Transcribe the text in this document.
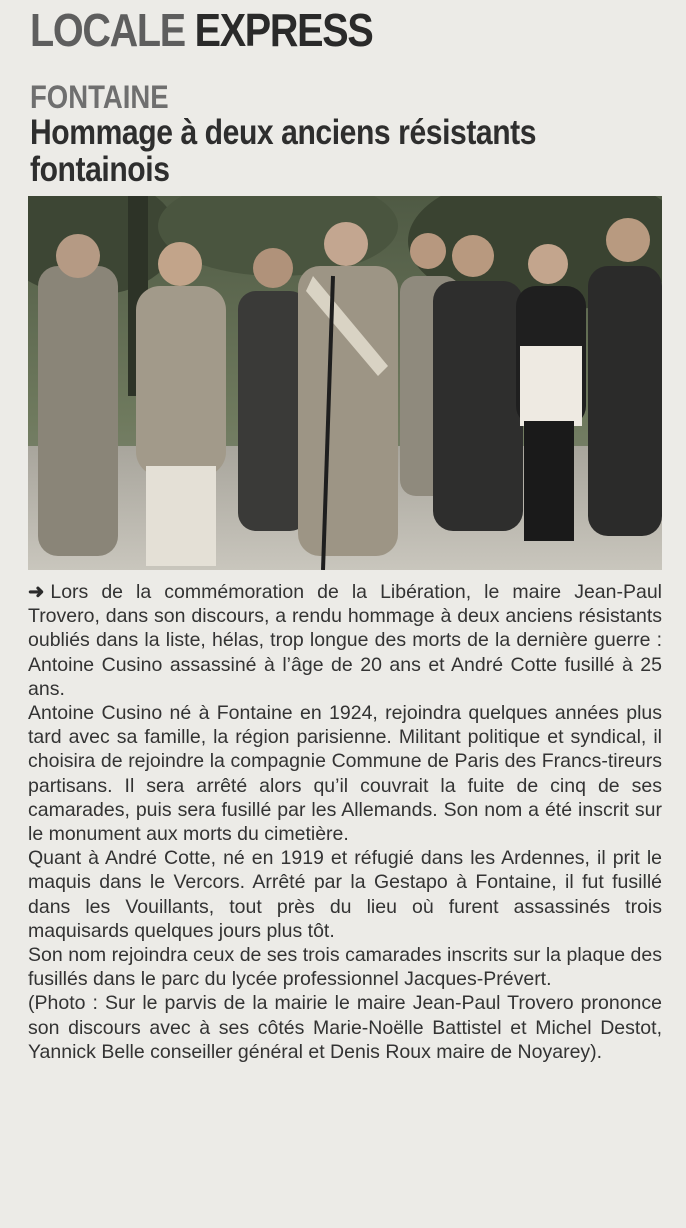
LOCALE EXPRESS
FONTAINE
Hommage à deux anciens résistants fontainois

➜ Lors de la commémoration de la Libération, le maire Jean-Paul Trovero, dans son discours, a rendu hommage à deux anciens résistants oubliés dans la liste, hélas, trop longue des morts de la dernière guerre : Antoine Cusino assassiné à l’âge de 20 ans et André Cotte fusillé à 25 ans.

Antoine Cusino né à Fontaine en 1924, rejoindra quelques années plus tard avec sa famille, la région parisienne. Militant politique et syndical, il choisira de rejoindre la compagnie Commune de Paris des Francs-tireurs partisans. Il sera arrêté alors qu’il couvrait la fuite de cinq de ses camarades, puis sera fusillé par les Allemands. Son nom a été inscrit sur le monument aux morts du cimetière.

Quant à André Cotte, né en 1919 et réfugié dans les Ardennes, il prit le maquis dans le Vercors. Arrêté par la Gestapo à Fontaine, il fut fusillé dans les Vouillants, tout près du lieu où furent assassinés trois maquisards quelques jours plus tôt.

Son nom rejoindra ceux de ses trois camarades inscrits sur la plaque des fusillés dans le parc du lycée professionnel Jacques-Prévert.

(Photo : Sur le parvis de la mairie le maire Jean-Paul Trovero prononce son discours avec à ses côtés Marie-Noëlle Battistel et Michel Destot, Yannick Belle conseiller général et Denis Roux maire de Noyarey).
